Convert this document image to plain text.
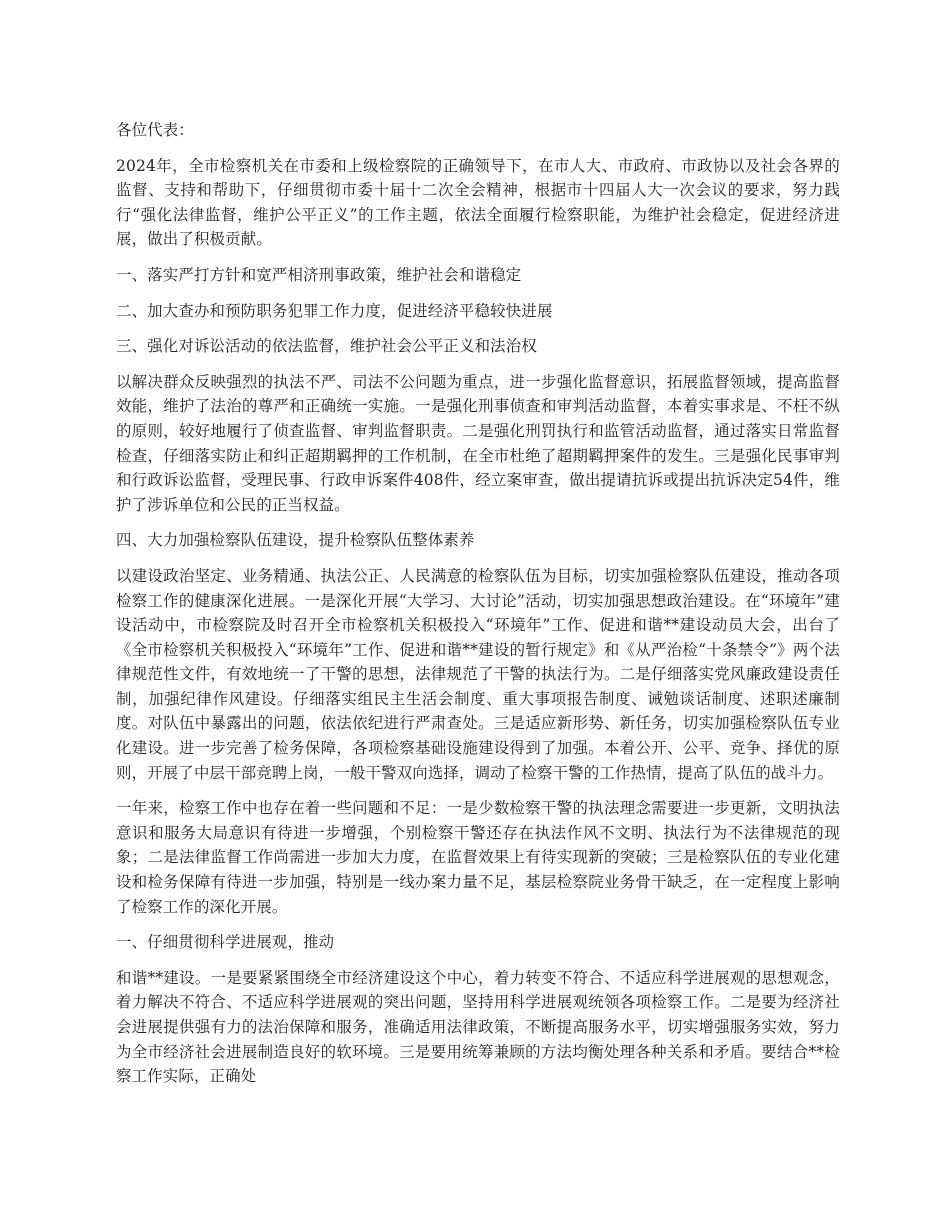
各位代表：

2024年，全市检察机关在市委和上级检察院的正确领导下，在市人大、市政府、市政协以及社会各界的监督、支持和帮助下，仔细贯彻市委十届十二次全会精神，根据市十四届人大一次会议的要求，努力践行“强化法律监督，维护公平正义”的工作主题，依法全面履行检察职能，为维护社会稳定，促进经济进展，做出了积极贡献。

一、落实严打方针和宽严相济刑事政策，维护社会和谐稳定

二、加大查办和预防职务犯罪工作力度，促进经济平稳较快进展

三、强化对诉讼活动的依法监督，维护社会公平正义和法治权

以解决群众反映强烈的执法不严、司法不公问题为重点，进一步强化监督意识，拓展监督领域，提高监督效能，维护了法治的尊严和正确统一实施。一是强化刑事侦查和审判活动监督，本着实事求是、不枉不纵的原则，较好地履行了侦查监督、审判监督职责。二是强化刑罚执行和监管活动监督，通过落实日常监督检查，仔细落实防止和纠正超期羁押的工作机制，在全市杜绝了超期羁押案件的发生。三是强化民事审判和行政诉讼监督，受理民事、行政申诉案件408件，经立案审查，做出提请抗诉或提出抗诉决定54件，维护了涉诉单位和公民的正当权益。

四、大力加强检察队伍建设，提升检察队伍整体素养

以建设政治坚定、业务精通、执法公正、人民满意的检察队伍为目标，切实加强检察队伍建设，推动各项检察工作的健康深化进展。一是深化开展“大学习、大讨论”活动，切实加强思想政治建设。在“环境年”建设活动中，市检察院及时召开全市检察机关积极投入“环境年”工作、促进和谐**建设动员大会，出台了《全市检察机关积极投入“环境年”工作、促进和谐**建设的暂行规定》和《从严治检“十条禁令”》两个法律规范性文件，有效地统一了干警的思想，法律规范了干警的执法行为。二是仔细落实党风廉政建设责任制，加强纪律作风建设。仔细落实组民主生活会制度、重大事项报告制度、诫勉谈话制度、述职述廉制度。对队伍中暴露出的问题，依法依纪进行严肃查处。三是适应新形势、新任务，切实加强检察队伍专业化建设。进一步完善了检务保障，各项检察基础设施建设得到了加强。本着公开、公平、竞争、择优的原则，开展了中层干部竞聘上岗，一般干警双向选择，调动了检察干警的工作热情，提高了队伍的战斗力。

一年来，检察工作中也存在着一些问题和不足：一是少数检察干警的执法理念需要进一步更新，文明执法意识和服务大局意识有待进一步增强，个别检察干警还存在执法作风不文明、执法行为不法律规范的现象；二是法律监督工作尚需进一步加大力度，在监督效果上有待实现新的突破；三是检察队伍的专业化建设和检务保障有待进一步加强，特别是一线办案力量不足，基层检察院业务骨干缺乏，在一定程度上影响了检察工作的深化开展。

一、仔细贯彻科学进展观，推动

和谐**建设。一是要紧紧围绕全市经济建设这个中心，着力转变不符合、不适应科学进展观的思想观念，着力解决不符合、不适应科学进展观的突出问题，坚持用科学进展观统领各项检察工作。二是要为经济社会进展提供强有力的法治保障和服务，准确适用法律政策，不断提高服务水平，切实增强服务实效，努力为全市经济社会进展制造良好的软环境。三是要用统筹兼顾的方法均衡处理各种关系和矛盾。要结合**检察工作实际，正确处
